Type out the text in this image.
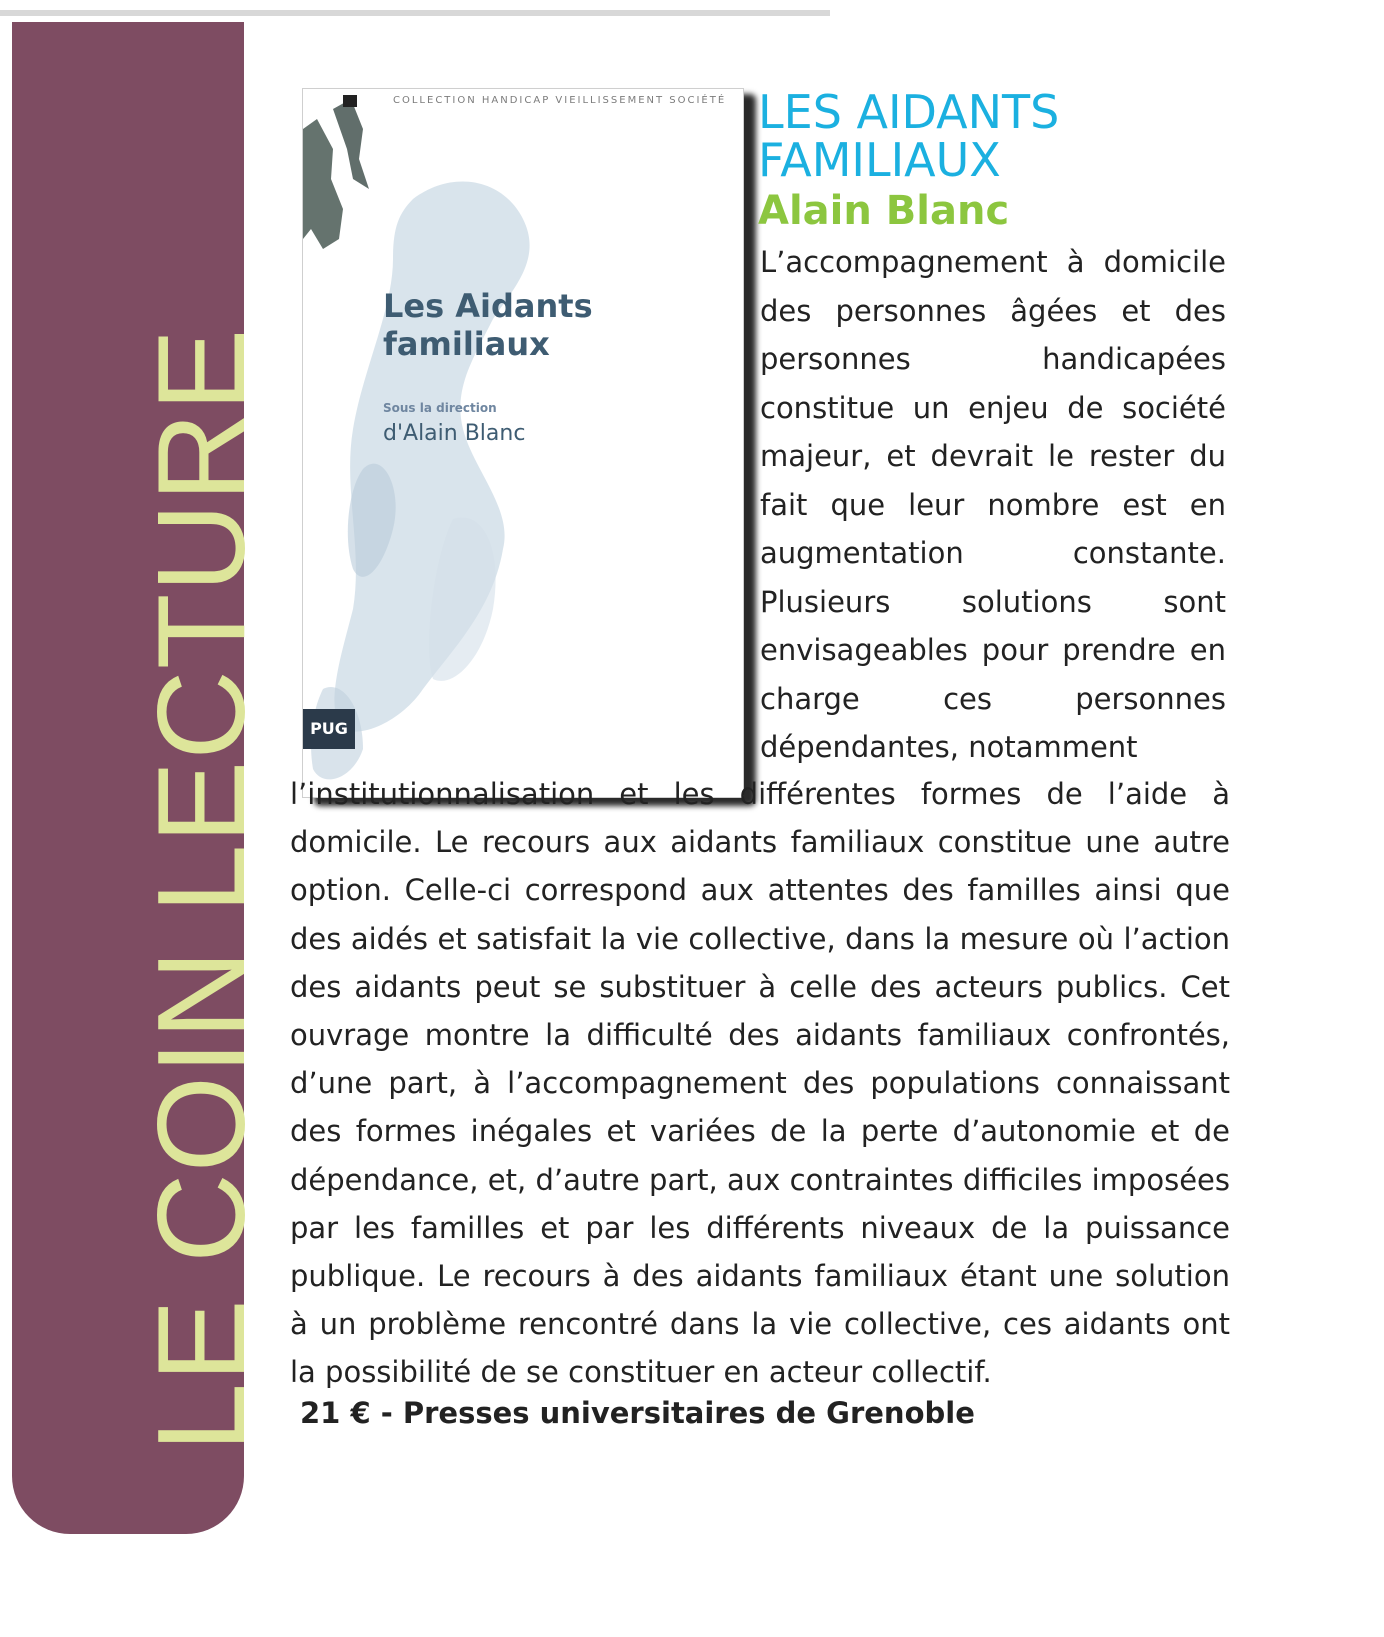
LE COIN LECTURE
COLLECTION HANDICAP VIEILLISSEMENT SOCIÉTÉ
Les Aidants
familiaux
Sous la direction
d'Alain Blanc
PUG
LES AIDANTS
FAMILIAUX
Alain Blanc

L’accompagnement à domicile des personnes âgées et des personnes handicapées constitue un enjeu de société majeur, et devrait le rester du fait que leur nombre est en augmentation constante. Plusieurs solutions sont envisageables pour prendre en charge ces personnes dépendantes, notamment

l’institutionnalisation et les différentes formes de l’aide à domicile. Le recours aux aidants familiaux constitue une autre option. Celle-ci correspond aux attentes des familles ainsi que des aidés et satisfait la vie collective, dans la mesure où l’action des aidants peut se substituer à celle des acteurs publics. Cet ouvrage montre la difficulté des aidants familiaux confrontés, d’une part, à l’accompagnement des populations connaissant des formes inégales et variées de la perte d’autonomie et de dépendance, et, d’autre part, aux contraintes difficiles imposées par les familles et par les différents niveaux de la puissance publique. Le recours à des aidants familiaux étant une solution à un problème rencontré dans la vie collective, ces aidants ont la possibilité de se constituer en acteur collectif.

21 € - Presses universitaires de Grenoble
